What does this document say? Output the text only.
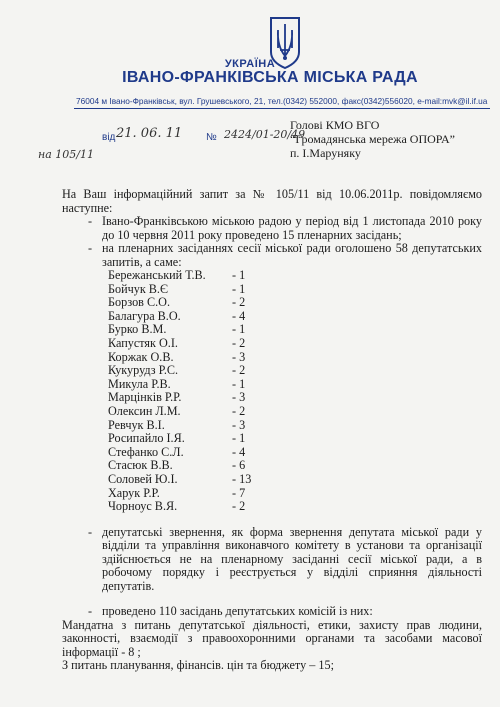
УКРАЇНА
ІВАНО-ФРАНКІВСЬКА МІСЬКА РАДА
76004 м Івано-Франківськ, вул. Грушевського, 21, тел.(0342) 552000, факс(0342)556020, e-mail:mvk@il.if.ua
від 21. 06. 11 № 2424/01-20/49
на 105/11
Голові КМО ВГО
“Громадянська мережа ОПОРА”
п. І.Маруняку

На Ваш інформаційний запит за № 105/11 від 10.06.2011р. повідомляємо наступне:

- Івано-Франківською міською радою у період від 1 листопада 2010 року до 10 червня 2011 року проведено 15 пленарних засідань;
- на пленарних засіданнях сесії міської ради оголошено 58 депутатських запитів, а саме:
Бережанський Т.В.	- 1
Бойчук В.Є	- 1
Борзов С.О.	- 2
Балагура В.О.	- 4
Бурко В.М.	- 1
Капустяк О.І.	- 2
Коржак О.В.	- 3
Кукурудз Р.С.	- 2
Микула Р.В.	- 1
Марцінків Р.Р.	- 3
Олексин Л.М.	- 2
Ревчук В.І.	- 3
Росипайло І.Я.	- 1
Стефанко С.Л.	- 4
Стасюк В.В.	- 6
Соловей Ю.І.	- 13
Харук Р.Р.	- 7
Чорноус В.Я.	- 2
- депутатські звернення, як форма звернення депутата міської ради у відділи та управління виконавчого комітету в установи та організації здійснюється не на пленарному засіданні сесії міської ради, а в робочому порядку і реєструється у відділі сприяння діяльності депутатів.
- проведено 110 засідань депутатських комісій із них:

Мандатна з питань депутатської діяльності, етики, захисту прав людини, законності, взаємодії з правоохоронними органами та засобами масової інформації - 8 ;

З питань планування, фінансів. цін та бюджету – 15;
